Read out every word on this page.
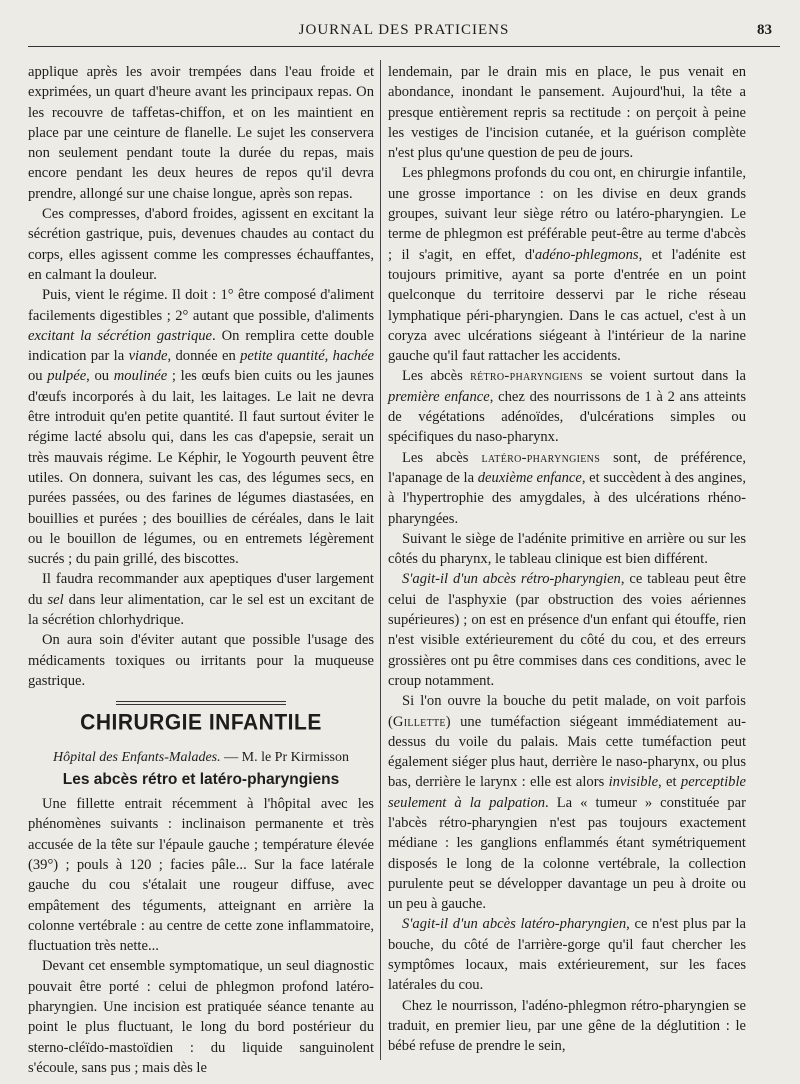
JOURNAL DES PRATICIENS	83

applique après les avoir trempées dans l'eau froide et exprimées, un quart d'heure avant les principaux repas. On les recouvre de taffetas-chiffon, et on les maintient en place par une ceinture de flanelle. Le sujet les conservera non seulement pendant toute la durée du repas, mais encore pendant les deux heures de repos qu'il devra prendre, allongé sur une chaise longue, après son repas.

Ces compresses, d'abord froides, agissent en excitant la sécrétion gastrique, puis, devenues chaudes au contact du corps, elles agissent comme les compresses échauffantes, en calmant la douleur.

Puis, vient le régime. Il doit : 1° être composé d'aliment facilements digestibles ; 2° autant que possible, d'aliments excitant la sécrétion gastrique. On remplira cette double indication par la viande, donnée en petite quantité, hachée ou pulpée, ou moulinée ; les œufs bien cuits ou les jaunes d'œufs incorporés à du lait, les laitages. Le lait ne devra être introduit qu'en petite quantité. Il faut surtout éviter le régime lacté absolu qui, dans les cas d'apepsie, serait un très mauvais régime. Le Képhir, le Yogourth peuvent être utiles. On donnera, suivant les cas, des légumes secs, en purées passées, ou des farines de légumes diastasées, en bouillies et purées ; des bouillies de céréales, dans le lait ou le bouillon de légumes, ou en entremets légèrement sucrés ; du pain grillé, des biscottes.

Il faudra recommander aux apeptiques d'user largement du sel dans leur alimentation, car le sel est un excitant de la sécrétion chlorhydrique.

On aura soin d'éviter autant que possible l'usage des médicaments toxiques ou irritants pour la muqueuse gastrique.

CHIRURGIE INFANTILE

Hôpital des Enfants-Malades. — M. le Pr Kirmisson

Les abcès rétro et latéro-pharyngiens

Une fillette entrait récemment à l'hôpital avec les phénomènes suivants : inclinaison permanente et très accusée de la tête sur l'épaule gauche ; température élevée (39°) ; pouls à 120 ; facies pâle... Sur la face latérale gauche du cou s'étalait une rougeur diffuse, avec empâtement des téguments, atteignant en arrière la colonne vertébrale : au centre de cette zone inflammatoire, fluctuation très nette...

Devant cet ensemble symptomatique, un seul diagnostic pouvait être porté : celui de phlegmon profond latéro-pharyngien. Une incision est pratiquée séance tenante au point le plus fluctuant, le long du bord postérieur du sterno-cléïdo-mastoïdien : du liquide sanguinolent s'écoule, sans pus ; mais dès le

lendemain, par le drain mis en place, le pus venait en abondance, inondant le pansement. Aujourd'hui, la tête a presque entièrement repris sa rectitude : on perçoit à peine les vestiges de l'incision cutanée, et la guérison complète n'est plus qu'une question de peu de jours.

Les phlegmons profonds du cou ont, en chirurgie infantile, une grosse importance : on les divise en deux grands groupes, suivant leur siège rétro ou latéro-pharyngien. Le terme de phlegmon est préférable peut-être au terme d'abcès ; il s'agit, en effet, d'adéno-phlegmons, et l'adénite est toujours primitive, ayant sa porte d'entrée en un point quelconque du territoire desservi par le riche réseau lymphatique péri-pharyngien. Dans le cas actuel, c'est à un coryza avec ulcérations siégeant à l'intérieur de la narine gauche qu'il faut rattacher les accidents.

Les abcès rétro-pharyngiens se voient surtout dans la première enfance, chez des nourrissons de 1 à 2 ans atteints de végétations adénoïdes, d'ulcérations simples ou spécifiques du naso-pharynx.

Les abcès latéro-pharyngiens sont, de préférence, l'apanage de la deuxième enfance, et succèdent à des angines, à l'hypertrophie des amygdales, à des ulcérations rhéno-pharyngées.

Suivant le siège de l'adénite primitive en arrière ou sur les côtés du pharynx, le tableau clinique est bien différent.

S'agit-il d'un abcès rétro-pharyngien, ce tableau peut être celui de l'asphyxie (par obstruction des voies aériennes supérieures) ; on est en présence d'un enfant qui étouffe, rien n'est visible extérieurement du côté du cou, et des erreurs grossières ont pu être commises dans ces conditions, avec le croup notamment.

Si l'on ouvre la bouche du petit malade, on voit parfois (Gillette) une tuméfaction siégeant immédiatement au-dessus du voile du palais. Mais cette tuméfaction peut également siéger plus haut, derrière le naso-pharynx, ou plus bas, derrière le larynx : elle est alors invisible, et perceptible seulement à la palpation. La « tumeur » constituée par l'abcès rétro-pharyngien n'est pas toujours exactement médiane : les ganglions enflammés étant symétriquement disposés le long de la colonne vertébrale, la collection purulente peut se développer davantage un peu à droite ou un peu à gauche.

S'agit-il d'un abcès latéro-pharyngien, ce n'est plus par la bouche, du côté de l'arrière-gorge qu'il faut chercher les symptômes locaux, mais extérieurement, sur les faces latérales du cou.

Chez le nourrisson, l'adéno-phlegmon rétro-pharyngien se traduit, en premier lieu, par une gêne de la déglutition : le bébé refuse de prendre le sein,
